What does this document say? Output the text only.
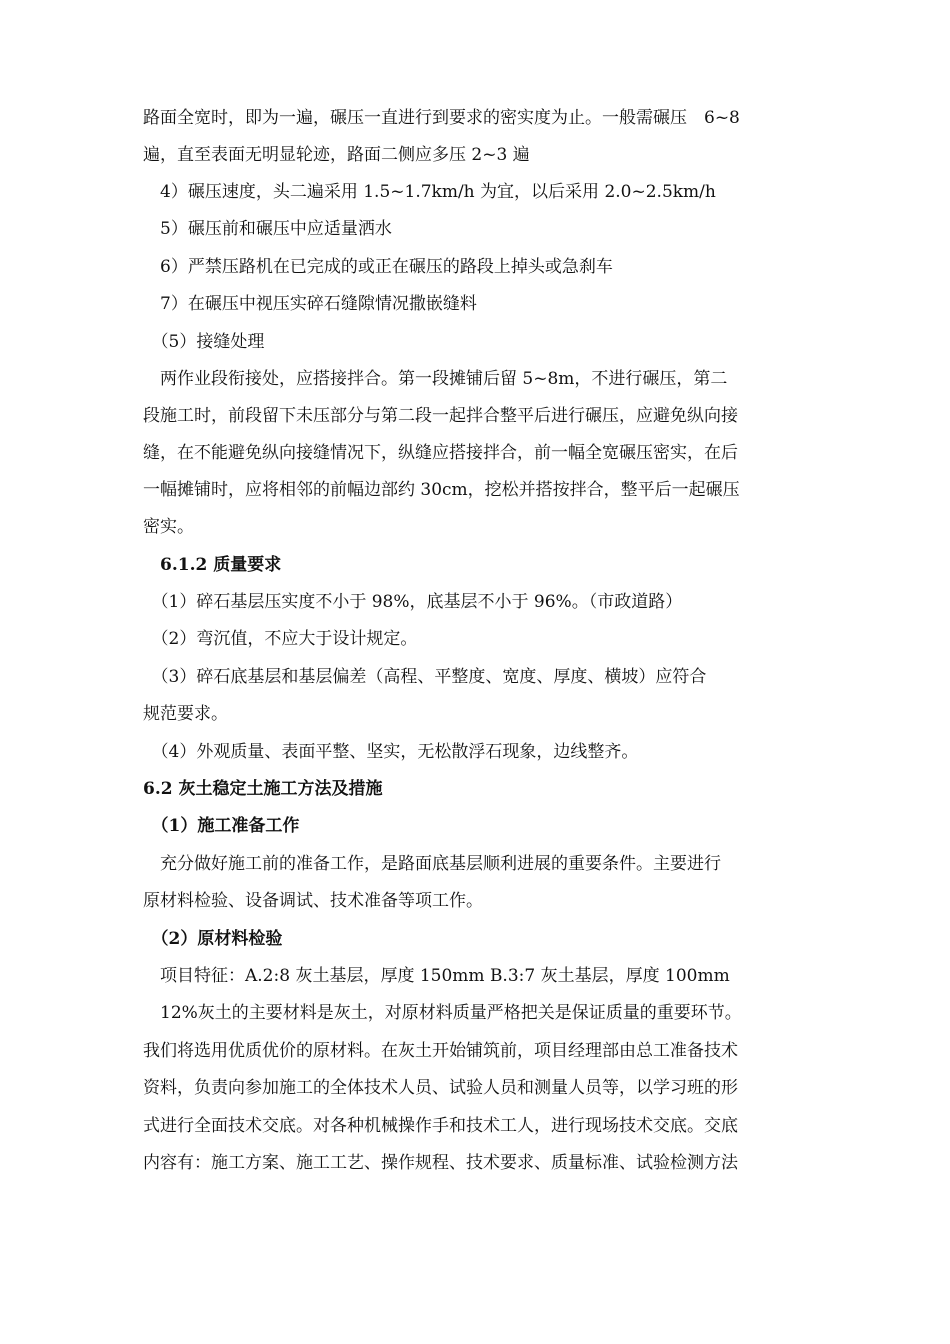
路面全宽时，即为一遍，碾压一直进行到要求的密实度为止。一般需碾压　6~8
遍，直至表面无明显轮迹，路面二侧应多压 2~3 遍
　4）碾压速度，头二遍采用 1.5~1.7km/h 为宜，以后采用 2.0~2.5km/h
　5）碾压前和碾压中应适量洒水
　6）严禁压路机在已完成的或正在碾压的路段上掉头或急刹车
　7）在碾压中视压实碎石缝隙情况撒嵌缝料
　（5）接缝处理
　两作业段衔接处，应搭接拌合。第一段摊铺后留 5~8m，不进行碾压，第二
段施工时，前段留下未压部分与第二段一起拌合整平后进行碾压，应避免纵向接
缝，在不能避免纵向接缝情况下，纵缝应搭接拌合，前一幅全宽碾压密实，在后
一幅摊铺时，应将相邻的前幅边部约 30cm，挖松并搭按拌合，整平后一起碾压
密实。
　6.1.2 质量要求
　（1）碎石基层压实度不小于 98%，底基层不小于 96%。（市政道路）
　（2）弯沉值，不应大于设计规定。
　（3）碎石底基层和基层偏差（高程、平整度、宽度、厚度、横坡）应符合
规范要求。
　（4）外观质量、表面平整、坚实，无松散浮石现象，边线整齐。
6.2 灰土稳定土施工方法及措施
　（1）施工准备工作
　充分做好施工前的准备工作，是路面底基层顺利进展的重要条件。主要进行
原材料检验、设备调试、技术准备等项工作。
　（2）原材料检验
　项目特征：A.2:8 灰土基层，厚度 150mm B.3:7 灰土基层，厚度 100mm
　12%灰土的主要材料是灰土，对原材料质量严格把关是保证质量的重要环节。
我们将选用优质优价的原材料。在灰土开始铺筑前，项目经理部由总工准备技术
资料，负责向参加施工的全体技术人员、试验人员和测量人员等，以学习班的形
式进行全面技术交底。对各种机械操作手和技术工人，进行现场技术交底。交底
内容有：施工方案、施工工艺、操作规程、技术要求、质量标准、试验检测方法
